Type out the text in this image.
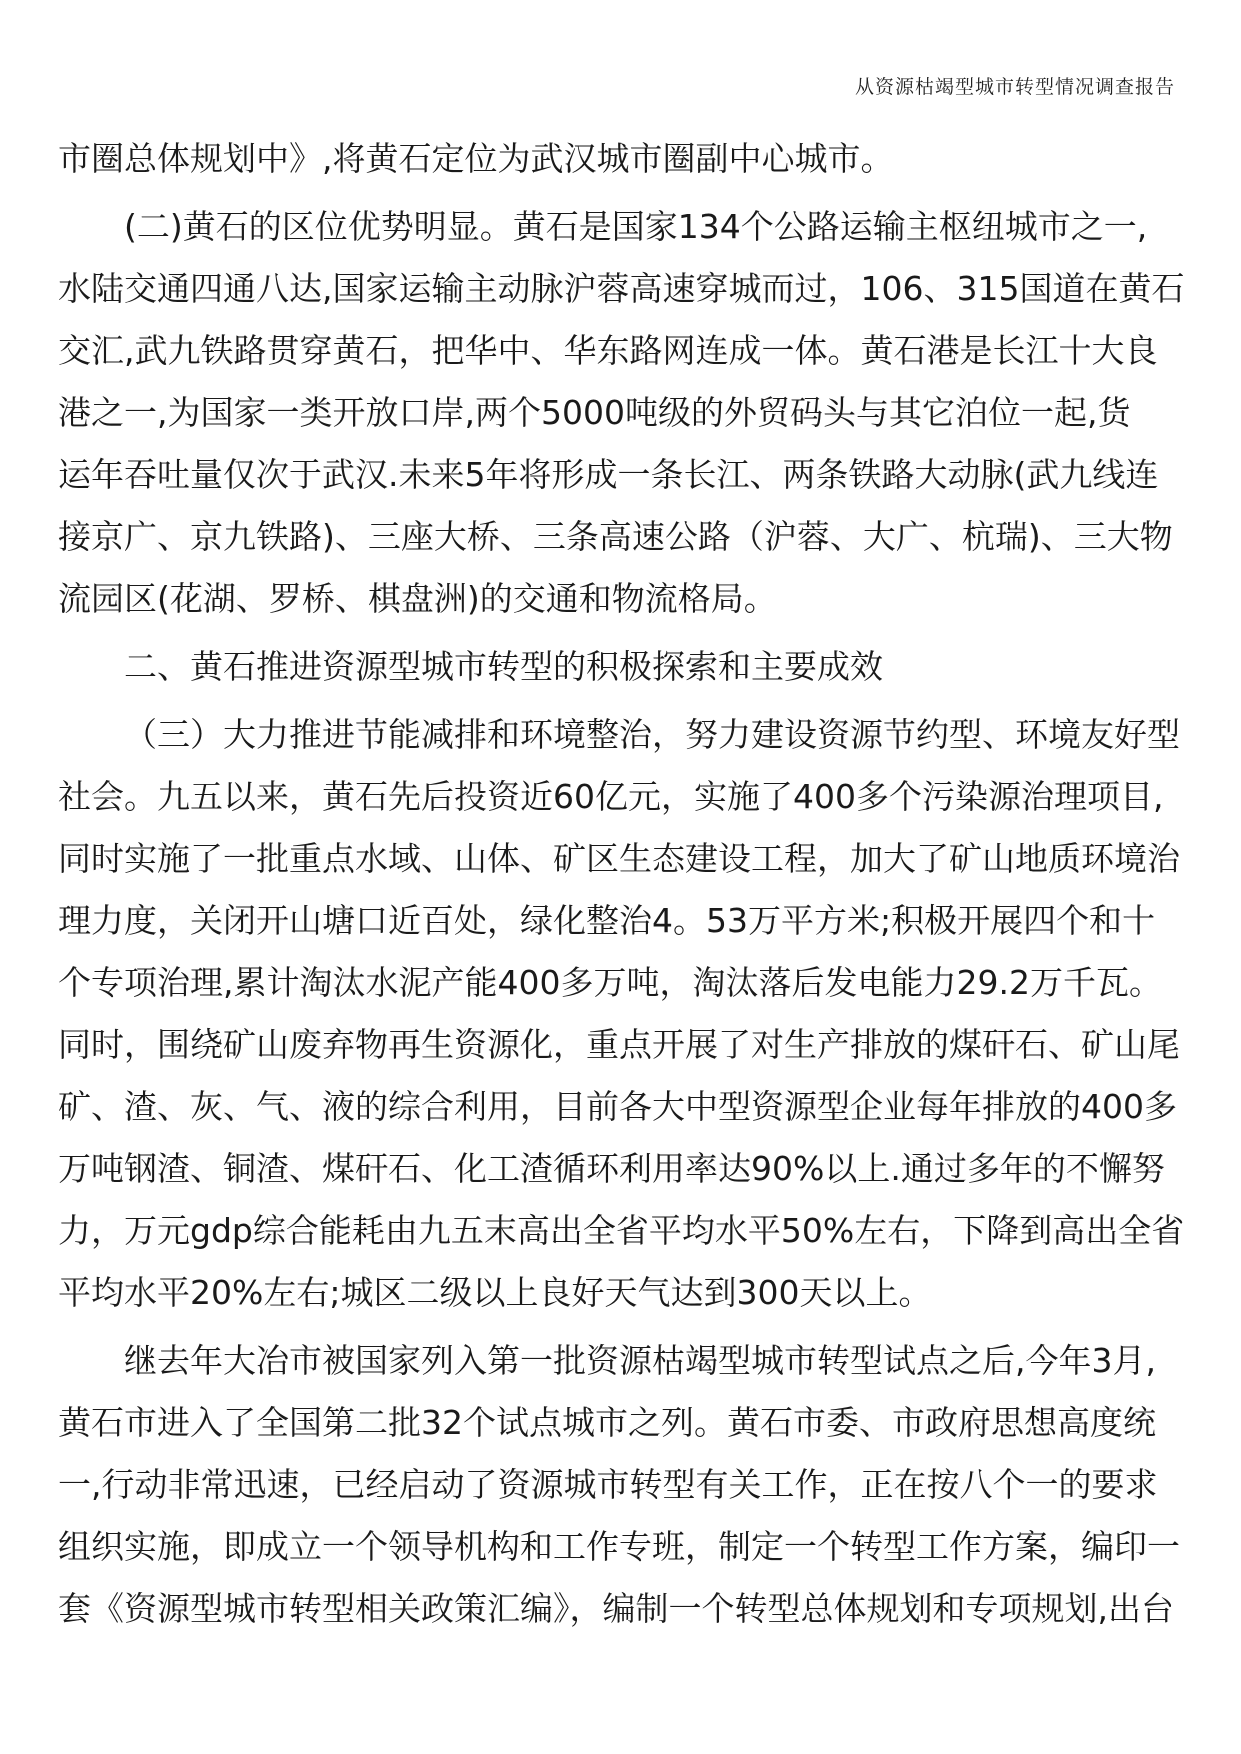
从资源枯竭型城市转型情况调查报告
市圈总体规划中》,将黄石定位为武汉城市圈副中心城市。
(二)黄石的区位优势明显。黄石是国家134个公路运输主枢纽城市之一,
水陆交通四通八达,国家运输主动脉沪蓉高速穿城而过，106、315国道在黄石
交汇,武九铁路贯穿黄石，把华中、华东路网连成一体。黄石港是长江十大良
港之一,为国家一类开放口岸,两个5000吨级的外贸码头与其它泊位一起,货
运年吞吐量仅次于武汉.未来5年将形成一条长江、两条铁路大动脉(武九线连
接京广、京九铁路)、三座大桥、三条高速公路（沪蓉、大广、杭瑞)、三大物
流园区(花湖、罗桥、棋盘洲)的交通和物流格局。
二、黄石推进资源型城市转型的积极探索和主要成效
（三）大力推进节能减排和环境整治，努力建设资源节约型、环境友好型
社会。九五以来，黄石先后投资近60亿元，实施了400多个污染源治理项目,
同时实施了一批重点水域、山体、矿区生态建设工程，加大了矿山地质环境治
理力度，关闭开山塘口近百处，绿化整治4。53万平方米;积极开展四个和十
个专项治理,累计淘汰水泥产能400多万吨，淘汰落后发电能力29.2万千瓦。
同时，围绕矿山废弃物再生资源化，重点开展了对生产排放的煤矸石、矿山尾
矿、渣、灰、气、液的综合利用，目前各大中型资源型企业每年排放的400多
万吨钢渣、铜渣、煤矸石、化工渣循环利用率达90%以上.通过多年的不懈努
力，万元gdp综合能耗由九五末高出全省平均水平50%左右，下降到高出全省
平均水平20%左右;城区二级以上良好天气达到300天以上。
继去年大冶市被国家列入第一批资源枯竭型城市转型试点之后,今年3月,
黄石市进入了全国第二批32个试点城市之列。黄石市委、市政府思想高度统
一,行动非常迅速，已经启动了资源城市转型有关工作，正在按八个一的要求
组织实施，即成立一个领导机构和工作专班，制定一个转型工作方案，编印一
套《资源型城市转型相关政策汇编》，编制一个转型总体规划和专项规划,出台
